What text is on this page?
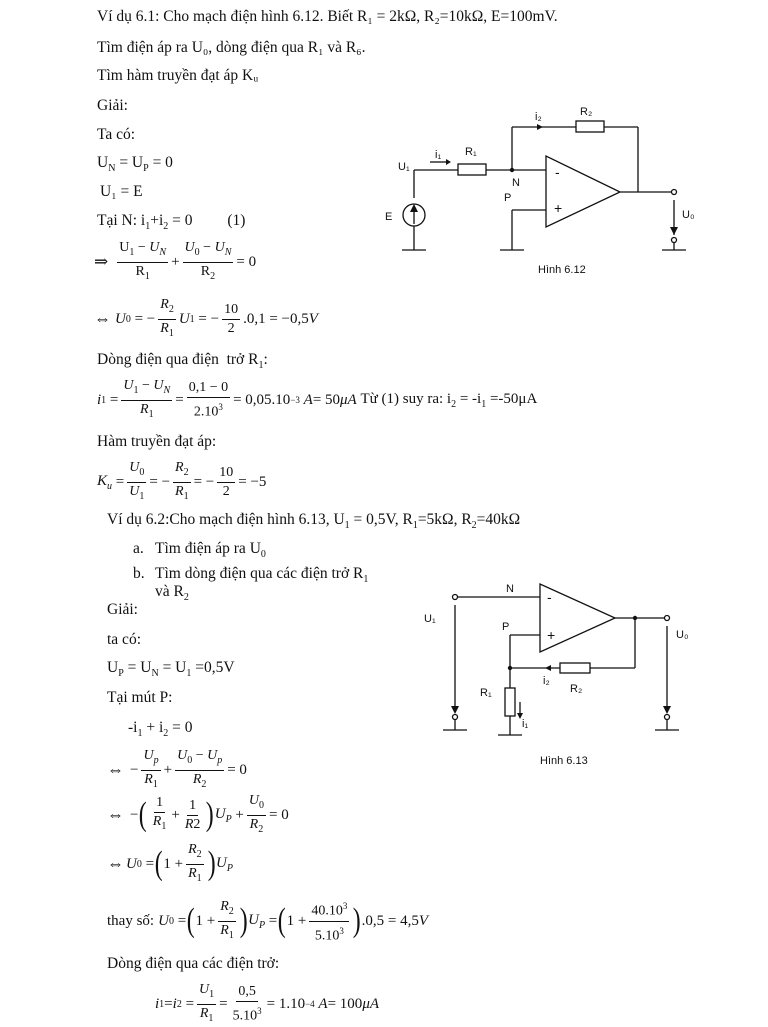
Ví dụ 6.1: Cho mạch điện hình 6.12. Biết R₁ = 2kΩ, R₂=10kΩ, E=100mV.
Tìm điện áp ra U₀, dòng điện qua R₁ và R₆.
Tìm hàm truyền đạt áp Kᵤ
Giải:
Ta có:
$U_N = U_P = 0$
U₁ = E
Tại N: $i_1+i_2 = 0$         (1)
⇒ $\frac{U_1 - U_N}{R_1} + \frac{U_0 - U_N}{R_2} = 0$
⇔ U 0 = − $\frac{R_2}{R_1}$ U 1 = − $\frac{10}{2} .0,1 = -0,5$ V
Dòng điện qua điện  trở $R_1$:
i $1 = \frac{U_1 - U_N}{R_1} = \frac{0,1 - 0}{2.10^3} = 0,05.10 -3$ A = 50 μA
Từ (1) suy ra: $i_2 = -i_1 =-50\mu A$
Hàm truyền đạt áp:
$K_u = \frac{U_0}{U_1}$ = − $\frac{R_2}{R_1}$ = − $\frac{10}{2} = -5$
Ví dụ 6.2:Cho mạch điện hình 6.13, $U_1 = 0,5V$, $R_1=5k\Omega$, $R_2=40k\Omega$
a. Tìm điện áp ra $U_0$
b. Tìm dòng điện qua các điện trở $R_1$
và $R_2$
Giải:
ta có:
$U_P = U_N = U_1 =0,5V$
Tại mút P:
$-i_1 + i_2 = 0$
⇔ − $\frac{U_p}{R_1} + \frac{U_0 - U_p}{R_2} = 0$
⇔ − ( $\frac{1}{R_1} + \frac{1}{R2}$ ) $U_P + \frac{U_0}{R_2} = 0$
⇔ U 0 = ( $1 + \frac{R_2}{R_1}$ ) $U_P$
thay số: U 0 = ( $1 + \frac{R_2}{R_1}$ ) $U_P$ = ( $1 + \frac{40.10^3}{5.10^3}$ ) .0,5 = 4,5 V
Dòng điện qua các điện trở:
i 1 = i $2 = \frac{U_1}{R_1} = \frac{0,5}{5.10^3} = 1.10 -4$ A = 100 μA
U₁
i₁ R₁
i₂	R₂
N
P
E	U₀
-
+
Hình 6.12
U₁
N
P
R₁	R₂
i₁
i₂
U₀
-
+
Hình 6.13
